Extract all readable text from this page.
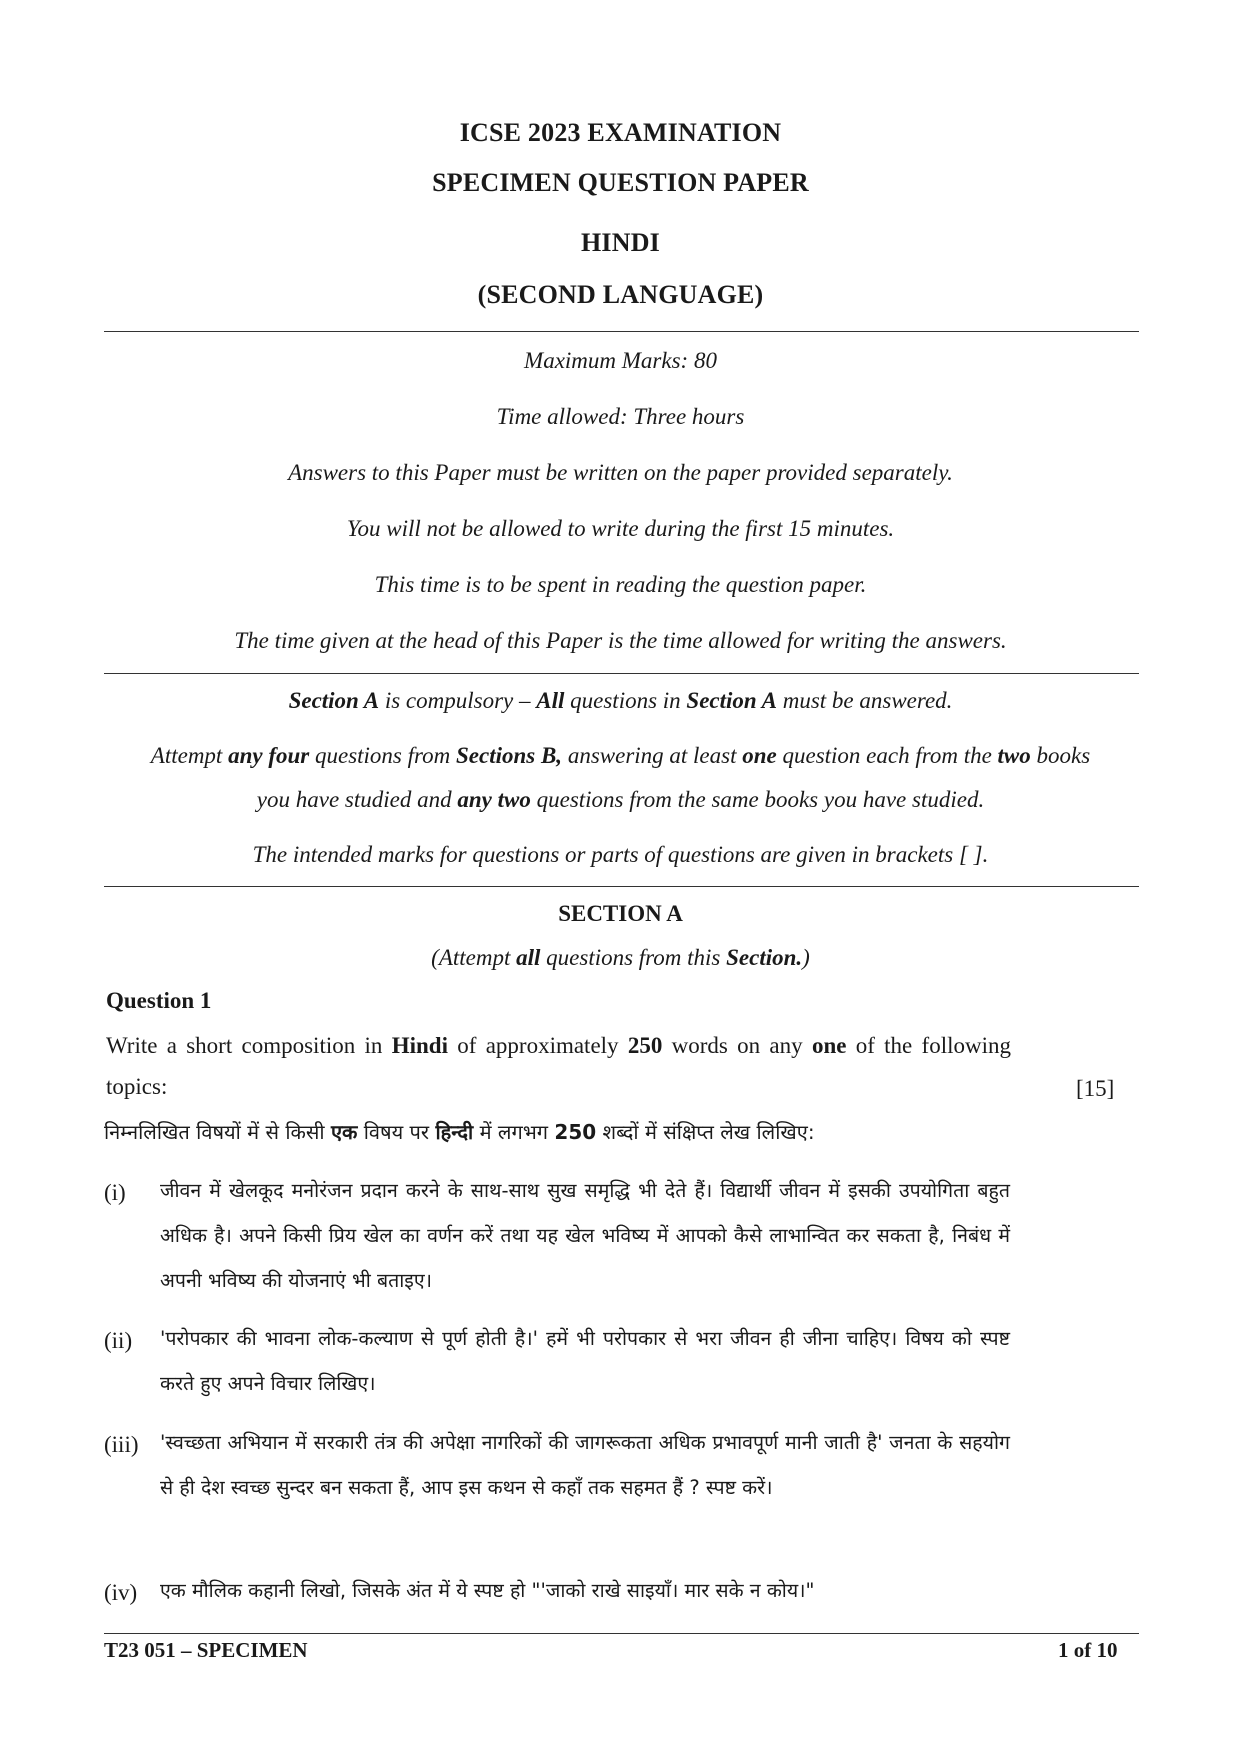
ICSE 2023 EXAMINATION
SPECIMEN QUESTION PAPER
HINDI
(SECOND LANGUAGE)
Maximum Marks: 80
Time allowed: Three hours
Answers to this Paper must be written on the paper provided separately.
You will not be allowed to write during the first 15 minutes.
This time is to be spent in reading the question paper.
The time given at the head of this Paper is the time allowed for writing the answers.
Section A is compulsory – All questions in Section A must be answered.
Attempt any four questions from Sections B, answering at least one question each from the two books
you have studied and any two questions from the same books you have studied.
The intended marks for questions or parts of questions are given in brackets [ ].
SECTION A
(Attempt all questions from this Section.)
Question 1
Write a short composition in Hindi of approximately 250 words on any one of the following topics:	[15]
निम्नलिखित विषयों में से किसी एक विषय पर हिन्दी में लगभग 250 शब्दों में संक्षिप्त लेख लिखिए:
(i) जीवन में खेलकूद मनोरंजन प्रदान करने के साथ-साथ सुख समृद्धि भी देते हैं। विद्यार्थी जीवन में इसकी उपयोगिता बहुत अधिक है। अपने किसी प्रिय खेल का वर्णन करें तथा यह खेल भविष्य में आपको कैसे लाभान्वित कर सकता है, निबंध में अपनी भविष्य की योजनाएं भी बताइए।
(ii) 'परोपकार की भावना लोक-कल्याण से पूर्ण होती है।' हमें भी परोपकार से भरा जीवन ही जीना चाहिए। विषय को स्पष्ट करते हुए अपने विचार लिखिए।
(iii) 'स्वच्छता अभियान में सरकारी तंत्र की अपेक्षा नागरिकों की जागरूकता अधिक प्रभावपूर्ण मानी जाती है' जनता के सहयोग से ही देश स्वच्छ सुन्दर बन सकता हैं, आप इस कथन से कहाँ तक सहमत हैं ? स्पष्ट करें।
(iv) एक मौलिक कहानी लिखो, जिसके अंत में ये स्पष्ट हो "'जाको राखे साइयाँ। मार सके न कोय।"
T23 051 – SPECIMEN	1 of 10
